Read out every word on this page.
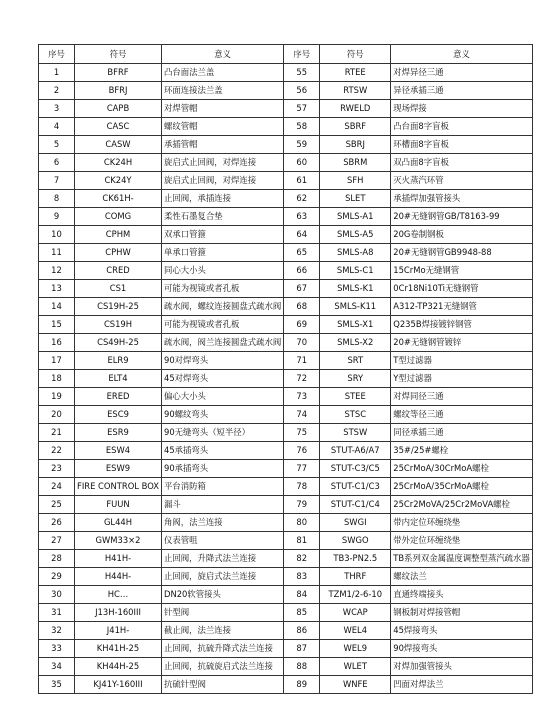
序号	符号	意义	序号	符号	意义
1	BFRF	凸台面法兰盖	55	RTEE	对焊异径三通
2	BFRJ	环面连接法兰盖	56	RTSW	异径承插三通
3	CAPB	对焊管帽	57	RWELD	现场焊接
4	CASC	螺纹管帽	58	SBRF	凸台面8字盲板
5	CASW	承插管帽	59	SBRJ	环槽面8字盲板
6	CK24H	旋启式止回阀，对焊连接	60	SBRM	双凸面8字盲板
7	CK24Y	旋启式止回阀，对焊连接	61	SFH	灭火蒸汽环管
8	CK61H-	止回阀，承插连接	62	SLET	承插焊加强管接头
9	COMG	柔性石墨复合垫	63	SMLS-A1	20#无缝钢管GB/T8163-99
10	CPHM	双承口管箍	64	SMLS-A5	20G卷制钢板
11	CPHW	单承口管箍	65	SMLS-A8	20#无缝钢管GB9948-88
12	CRED	同心大小头	66	SMLS-C1	15CrMo无缝钢管
13	CS1	可能为视镜或者孔板	67	SMLS-K1	0Cr18Ni10Ti无缝钢管
14	CS19H-25	疏水阀，螺纹连接圆盘式疏水阀	68	SMLS-K11	A312-TP321无缝钢管
15	CS19H	可能为视镜或者孔板	69	SMLS-X1	Q235B焊接镀锌钢管
16	CS49H-25	疏水阀，阀兰连接圆盘式疏水阀	70	SMLS-X2	20#无缝钢管镀锌
17	ELR9	90对焊弯头	71	SRT	T型过滤器
18	ELT4	45对焊弯头	72	SRY	Y型过滤器
19	ERED	偏心大小头	73	STEE	对焊同径三通
20	ESC9	90螺纹弯头	74	STSC	螺纹等径三通
21	ESR9	90无缝弯头（短半径）	75	STSW	同径承插三通
22	ESW4	45承插弯头	76	STUT-A6/A7	35#/25#螺栓
23	ESW9	90承插弯头	77	STUT-C3/C5	25CrMoA/30CrMoA螺栓
24	FIRE CONTROL BOX	平台消防箱	78	STUT-C1/C3	25CrMoA/35CrMoA螺栓
25	FUUN	漏斗	79	STUT-C1/C4	25Cr2MoVA/25Cr2MoVA螺栓
26	GL44H	角阀，法兰连接	80	SWGI	带内定位环缠绕垫
27	GWM33×2	仪表管咀	81	SWGO	带外定位环缠绕垫
28	H41H-	止回阀，升降式法兰连接	82	TB3-PN2.5	TB系列双金属温度调整型蒸汽疏水器
29	H44H-	止回阀，旋启式法兰连接	83	THRF	螺纹法兰
30	HC…	DN20软管接头	84	TZM1/2-6-10	直通终端接头
31	J13H-160III	针型阀	85	WCAP	钢板制对焊接管帽
32	J41H-	截止阀，法兰连接	86	WEL4	45焊接弯头
33	KH41H-25	止回阀，抗硫升降式法兰连接	87	WEL9	90焊接弯头
34	KH44H-25	止回阀，抗硫旋启式法兰连接	88	WLET	对焊加强管接头
35	KJ41Y-160III	抗硫针型阀	89	WNFE	凹面对焊法兰
